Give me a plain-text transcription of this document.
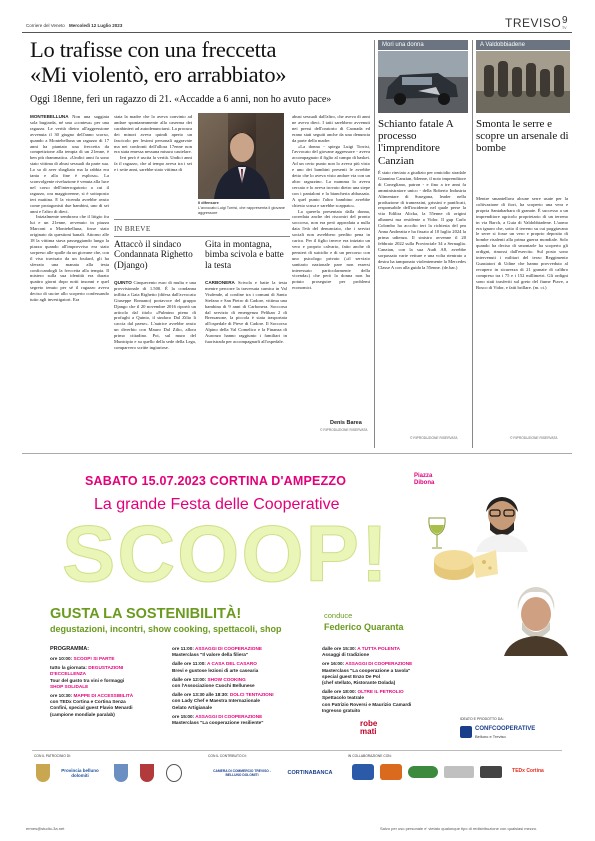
Corriere del Veneto Mercoledì 12 Luglio 2023	TREVISO 9
TV
Lo trafisse con una freccetta
«Mi violentò, ero arrabbiato»
Oggi 18enne, ferì un ragazzo di 21. «Accadde a 6 anni, non ho avuto pace»
MONTEBELLUNA Non una saggiata sola bugiarda, né una «contesa» per una ragazza. Le verità dietro all'aggressione avvenuta il 30 giugno dell'anno scorso, quando a Montebelluna un ragazzo di 17 anni ha piantato una freccetta da competizione alla tempia di un 21enne, è ben più drammatica. «Undici anni fa sono stato vittima di abusi sessuali da parte sua. Lo so di aver sbagliato ma la rabbia era tanta e alla fine è esplosa». La sconvolgente rivelazione è venuta alla luce nel corso dell'interrogatorio a cui il ragazzo, ora maggiorenne, si è sottoposto ieri mattina. E la vicenda avrebbe avuto come protagonisti due bambini, uno di sei anni e l'altro di dieci.

Inizialmente sembrava che il litigio fra lui e un 21enne, avvenuto in piazza Marconi a Montebelluna, fosse stato originato da questioni banali. Attorno alle 18 la vittima stava passeggiando lungo la piazza quando all'improvviso era stato sorpreso alle spalle da un giovane che, con il viso travisato da un foulard, gli ha sferrato una manata alla testa conficcandogli la freccetta alla tempia. Il mistero sulla sua identità era durato quattro giorni dopo notti insonni e quel segreto tenuto per sé il ragazzo aveva deciso di uscire allo scoperto confessando tutto agli investigatori. Era
stata la madre che lo aveva convinto ad andare spontaneamente alla caserma dei carabinieri ad autodenunciarsi. La procura dei minori aveva quindi aperto un fascicolo per lesioni personali aggravate ma nei confronti dell'allora 17enne non era stata emessa nessuna misura cautelare.
Ieri però è uscita la verità. Undici anni fa il ragazzo, che al tempo aveva tra i sei e i sette anni, sarebbe stato vittima di
Il difensore
L'avvocato Luigi Torrisi, che rappresenta il giovane aggressore
IN BREVE
Attaccò il sindaco Condannata Righetto (Django)
QUINTO Cinquecento euro di multa e una provvisionale di 1.500. È la condanna inflitta a Gaia Righetto (difesa dall'avvocato Giuseppe Romano) portavoce del gruppo Django che il 20 novembre 2016 riportò un articolo dal titolo «Pulmino pieno di profughi a Quinto, il sindaco Dal Zilio li caccia dal paese». L'autrice avrebbe avuto un diverbio con Mauro Dal Zilio, allora primo cittadino. Poi, sul muro del Municipio e su quello della sede della Lega, comparvero scritte ingiuriose.
Gita in montagna, bimba scivola e batte la testa
CARBONERA Scivola e batte la testa mentre percorre la traversata carnica in Val Visdende, al confine tra i comuni di Santo Stefano e San Pietro di Cadore, vittima una bambina di 9 anni di Carbonera. Soccorsa dal servizio di emergenza Pelikan 2 di Bressanone, la piccola è stata trasportata all'ospedale di Pieve di Cadore. Il Soccorso Alpino della Val Comelico e la Finanza di Auronzo hanno raggiunto i familiari in fuoristrada per accompagnarli all'ospedale.
abusi sessuali dall'altro, che aveva di anni ne aveva dieci. I tatti sarebbero avvenuti nei pressi dell'oratorio di Caonada ed erano stati seguiti anche da una denuncia da parte della madre.
«La donna - spiega Luigi Torrisi, l'avvocato del giovane aggressore - aveva accompagnato il figlio al campo di basket. Ad un certo punto non lo aveva più visto e uno dei bambini presenti le avrebbe detto che lo aveva visto andare via con un altro ragazzino. La mamma lo aveva cercato e lo aveva trovato dietro una siepe con i pantaloni e la biancheria abbassata. A quel punto l'altro bambino avrebbe chiesto scusa e sarebbe scappato».
La querela presentata dalla donna, corredata anche dei riscontri del pronto soccorso, non era però approdata a nulla data l'età del denunciato, che i servizi sociali non avrebbero perdito pena in carico. Per il figlio invece era iniziato un vero e proprio calvario, fatto anche di pensieri di suicidio e di un percorso con uno psicologo privato («il servizio sanitario nazionale pare non essersi interessato particolarmente della vicenda») che però la donna non ha potuto proseguire per problemi economici.
Denis Barea
© RIPRODUZIONE RISERVATA
Mori una donna
Schianto fatale A processo l'imprenditore Canzian
È stato rinviato a giudizio per omicidio stradale Giannino Canzian, 64enne, il noto imprenditore di Conegliano, patron - e fino a tre anni fa amministratore unico - della Roberto Industria Alimentare di Susegana, leader nella produzione di tramezzini, grissini e panificati, responsabile dell'incidente nel quale perse la vita Edilira Alicka, la 55enne di origini albanesi ma residente a Vidor. Il gup Carlo Colombo ha accolto ieri la richiesta del pm Anna Andreatta e ha fissato al 10 luglio 2024 la prima udienza. Il sinistro avvenne il 20 febbraio 2022 sulla Provinciale 34 a Sernaglia. Canzian, con la sua Audi A8, avrebbe sorpassato varie vetture e una volta rientrato a destra ha tamponato violentemente la Mercedes Classe A con alla guida la 55enne. (de.bar.)
© RIPRODUZIONE RISERVATA
A Valdobbiadene
Smonta le serre e scopre un arsenale di bombe
Mentre smantellava alcune serre usate per la coltivazione di fiori, ha scoperto una vera e propria Santabarbara di granate. È successo a un imprenditore agricolo proprietario di un terreno in via Barch, a Guia di Valdobbiadene. L'uomo era ignaro che, sotto il terreno su cui poggiavano le serre si fosse un vero e proprio deposito di bombe risalenti alla prima guerra mondiale. Solo quando ha deciso di smontarle ha scoperto gli ordigni, rimossi dall'esercito. Sul posto sono intervenuti i militari del terzo Reggimento Guastatori di Udine che hanno provveduto al recupero in sicurezza di 21 granate di calibro compreso tra i 75 e i 152 millimetri. Gli ordigni sono stati trasferiti sul greto del fiume Piave, a Bosco di Vidor, e fatti brillare. (m. ct.)
© RIPRODUZIONE RISERVATA
SABATO 15.07.2023 CORTINA D'AMPEZZO	Piazza Dibona
La grande Festa delle Cooperative
SCOOP!
GUSTA LA SOSTENIBILITÀ!
degustazioni, incontri, show cooking, spettacoli, shop
conduce
Federico Quaranta
PROGRAMMA:

ore 10:00: SCOOP! SI PARTE

tutto la giornata: DEGUSTAZIONI D'ECCELLENZA

Tour del gusto tra vini e formaggi

SHOP SOLIDALE

ore 10:30: MAPPE DI ACCESSIBILITÀ

con TEDx Cortina e Cortina Senza

Confini, special guest Flavio Menardi

(campione mondiale paralab)

ore 11:00: ASSAGGI DI COOPERAZIONE

Masterclass "Il valore della filiera"

dalle ore 11:00: A CASA DEL CASARO

Brevi e gustose lezioni di arte casearia

dalle ore 12:00: SHOW COOKING

con l'Associazione Cuochi Bellunese

dalle ore 13:30 alle 18:30: DOLCI TENTAZIONI

con Lady Chef e Maestra Internazionale

Gelato Artigianale

ore 15:00: ASSAGGI DI COOPERAZIONE

Masterclass "La cooperazione resiliente"

dalle ore 15:30: A TUTTA POLENTA

Assaggi di tradizione

ore 16:00: ASSAGGI DI COOPERAZIONE

Masterclass "La cooperazione a tavola"

special guest Enzo De Pol

(chef stellato, Ristorante Dolada)

dalle ore 18:00: OLTRE IL PETROLIO

Spettacolo teatrale

con Patrizio Roversi e Maurizio Camardi

Ingresso gratuito

robe mati
IDEATO E PRODOTTO DA:
CONFCOOPERATIVE
Belluno e Treviso
CON IL PATROCINIO DI:	CON IL CONTRIBUTO DI:	IN COLLABORAZIONE CON:
Provincia belluno dolomiti
CAMERA DI COMMERCIO TREVISO - BELLUNO DOLOMITI	CORTINABANCA	TEDx Cortina
ermes@studio-3a.net	Salvo per uso personale e' vietato qualunque tipo di redistribuzione con qualsiasi mezzo.
